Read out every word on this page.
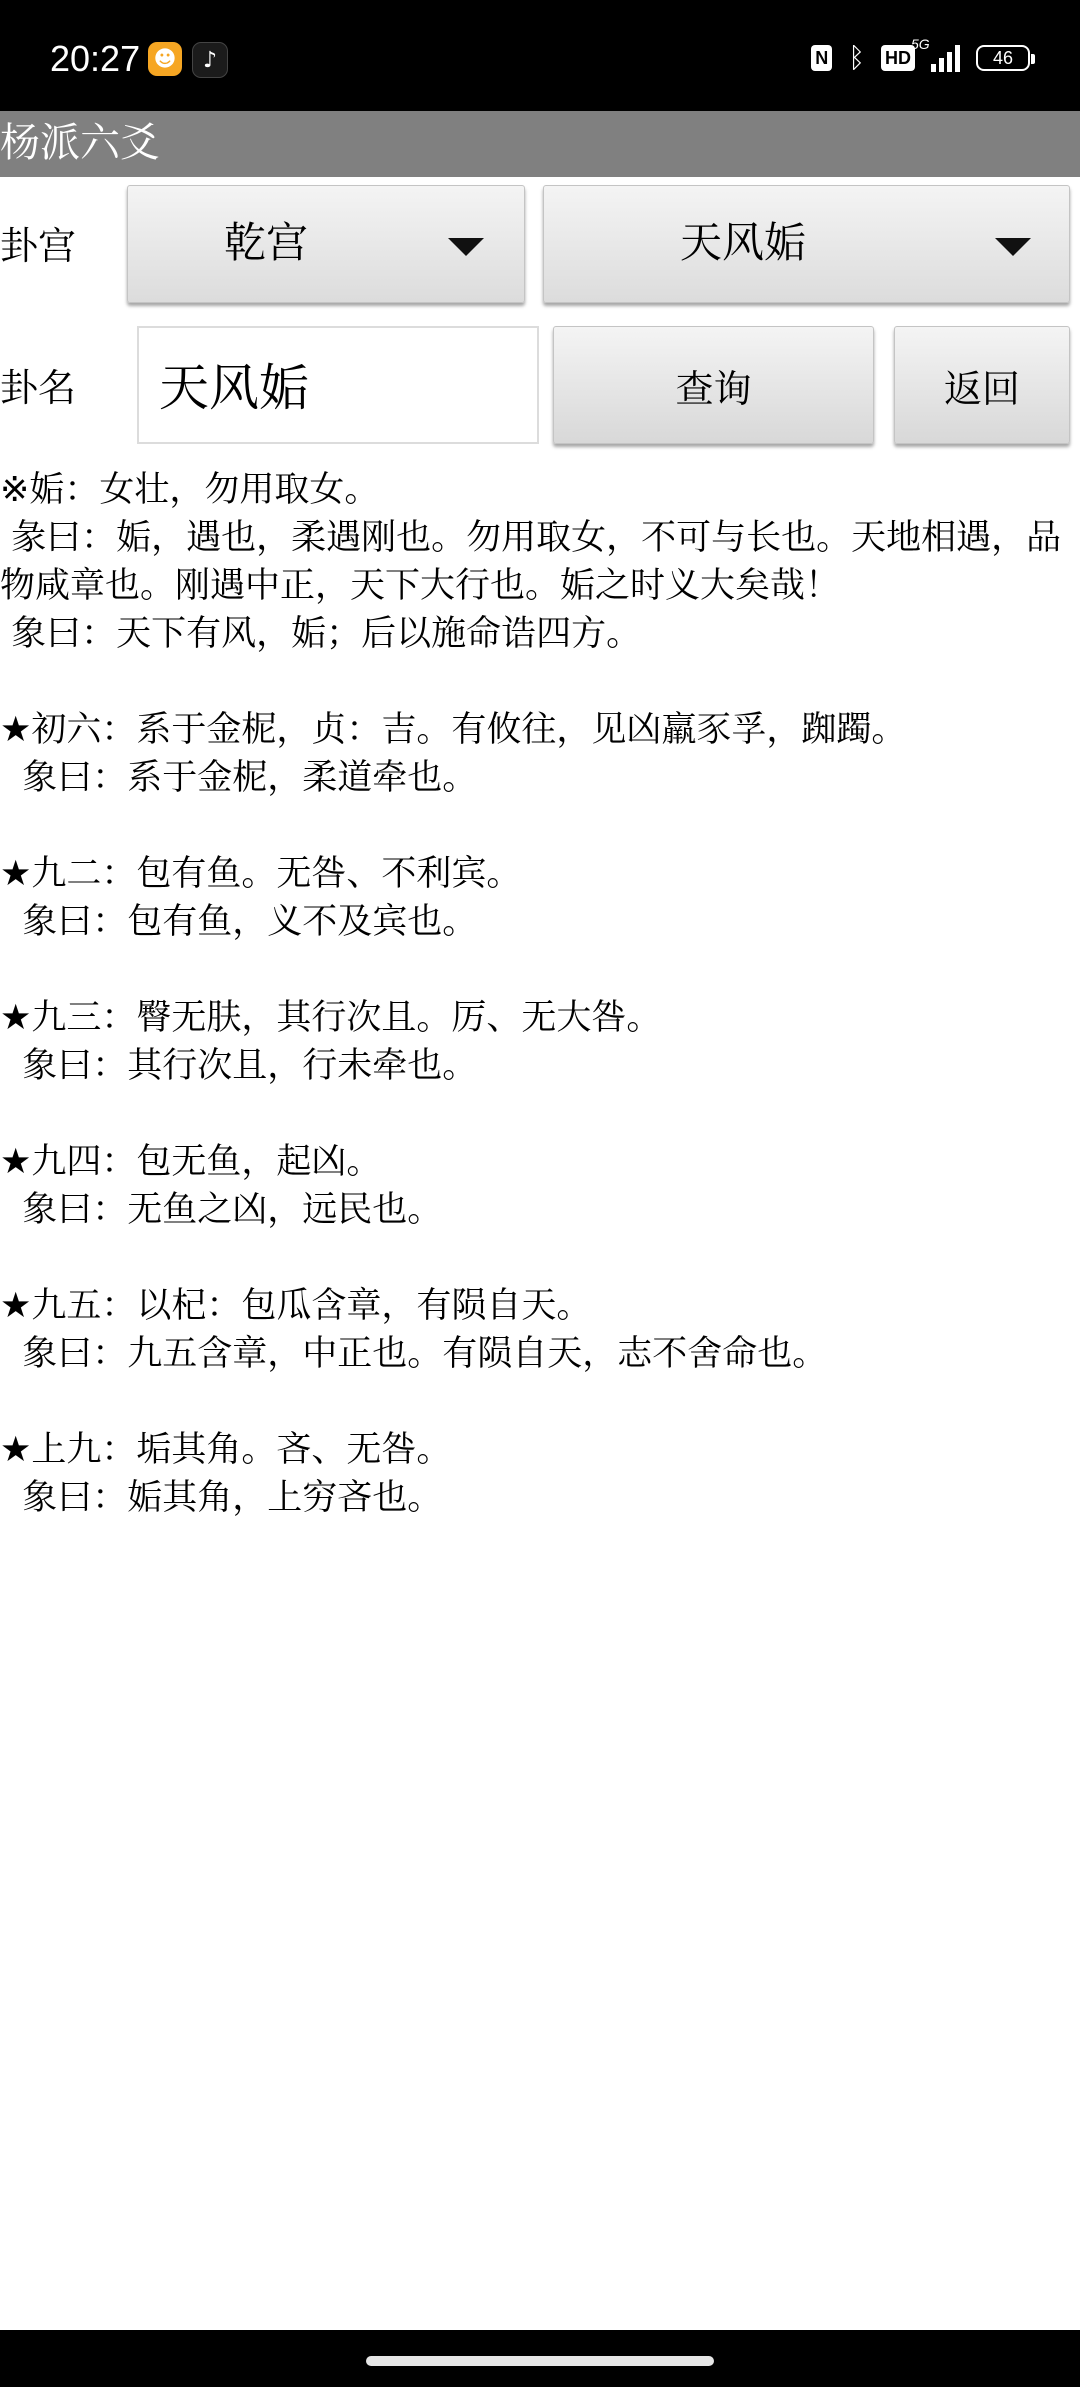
20:27 ☻	♪	N ᛒ HD
5G
46
杨派六爻
卦宫	乾宫	天风姤
卦名
天风姤	查询	返回

※姤：女壮，勿用取女。

彖曰：姤，遇也，柔遇刚也。勿用取女，不可与长也。天地相遇，品物咸章也。刚遇中正，天下大行也。姤之时义大矣哉！

象曰：天下有风，姤；后以施命诰四方。

★初六：系于金柅，贞：吉。有攸往，见凶羸豕孚，踟躅。

象曰：系于金柅，柔道牵也。

★九二：包有鱼。无咎、不利宾。

象曰：包有鱼，义不及宾也。

★九三：臀无肤，其行次且。厉、无大咎。

象曰：其行次且，行未牵也。

★九四：包无鱼，起凶。

象曰：无鱼之凶，远民也。

★九五：以杞：包瓜含章，有陨自天。

象曰：九五含章，中正也。有陨自天，志不舍命也。

★上九：垢其角。吝、无咎。

象曰：姤其角，上穷吝也。
